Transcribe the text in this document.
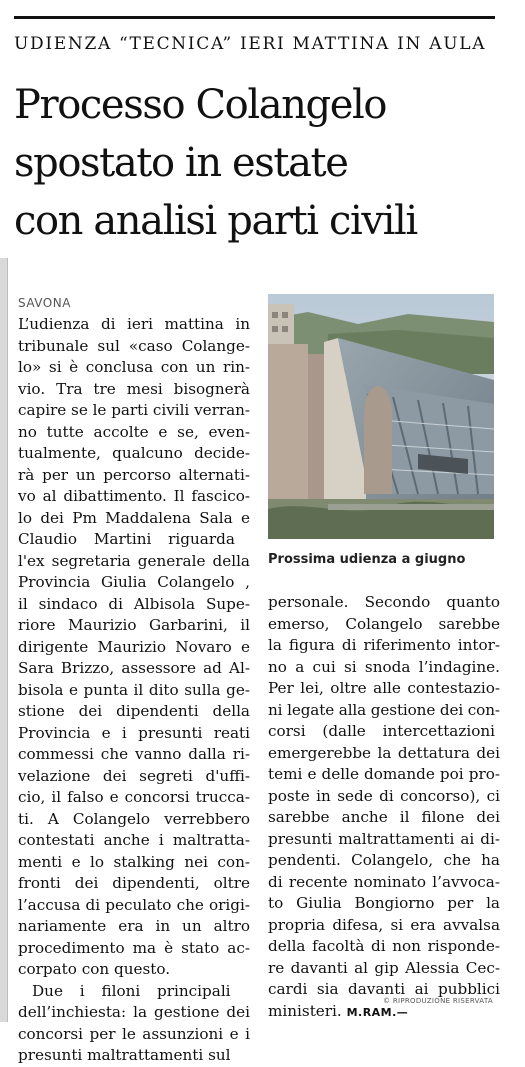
UDIENZA “TECNICA” IERI MATTINA IN AULA
Processo Colangelo
spostato in estate
con analisi parti civili
SAVONA
L’udienza di ieri mattina in
tribunale sul «caso Colange-
lo» si è conclusa con un rin-
vio. Tra tre mesi bisognerà
capire se le parti civili verran-
no tutte accolte e se, even-
tualmente, qualcuno decide-
rà per un percorso alternati-
vo al dibattimento. Il fascico-
lo dei Pm Maddalena Sala e
Claudio Martini riguarda
l'ex segretaria generale della
Provincia Giulia Colangelo ,
il sindaco di Albisola Supe-
riore Maurizio Garbarini, il
dirigente Maurizio Novaro e
Sara Brizzo, assessore ad Al-
bisola e punta il dito sulla ge-
stione dei dipendenti della
Provincia e i presunti reati
commessi che vanno dalla ri-
velazione dei segreti d'uffi-
cio, il falso e concorsi trucca-
ti. A Colangelo verrebbero
contestati anche i maltratta-
menti e lo stalking nei con-
fronti dei dipendenti, oltre
l’accusa di peculato che origi-
nariamente era in un altro
procedimento ma è stato ac-
corpato con questo.
Due i filoni principali
dell’inchiesta: la gestione dei
concorsi per le assunzioni e i
presunti maltrattamenti sul
Prossima udienza a giugno
personale. Secondo quanto
emerso, Colangelo sarebbe
la figura di riferimento intor-
no a cui si snoda l’indagine.
Per lei, oltre alle contestazio-
ni legate alla gestione dei con-
corsi (dalle intercettazioni
emergerebbe la dettatura dei
temi e delle domande poi pro-
poste in sede di concorso), ci
sarebbe anche il filone dei
presunti maltrattamenti ai di-
pendenti. Colangelo, che ha
di recente nominato l’avvoca-
to Giulia Bongiorno per la
propria difesa, si era avvalsa
della facoltà di non risponde-
re davanti al gip Alessia Cec-
cardi sia davanti ai pubblici
ministeri. M.RAM.—
© RIPRODUZIONE RISERVATA
